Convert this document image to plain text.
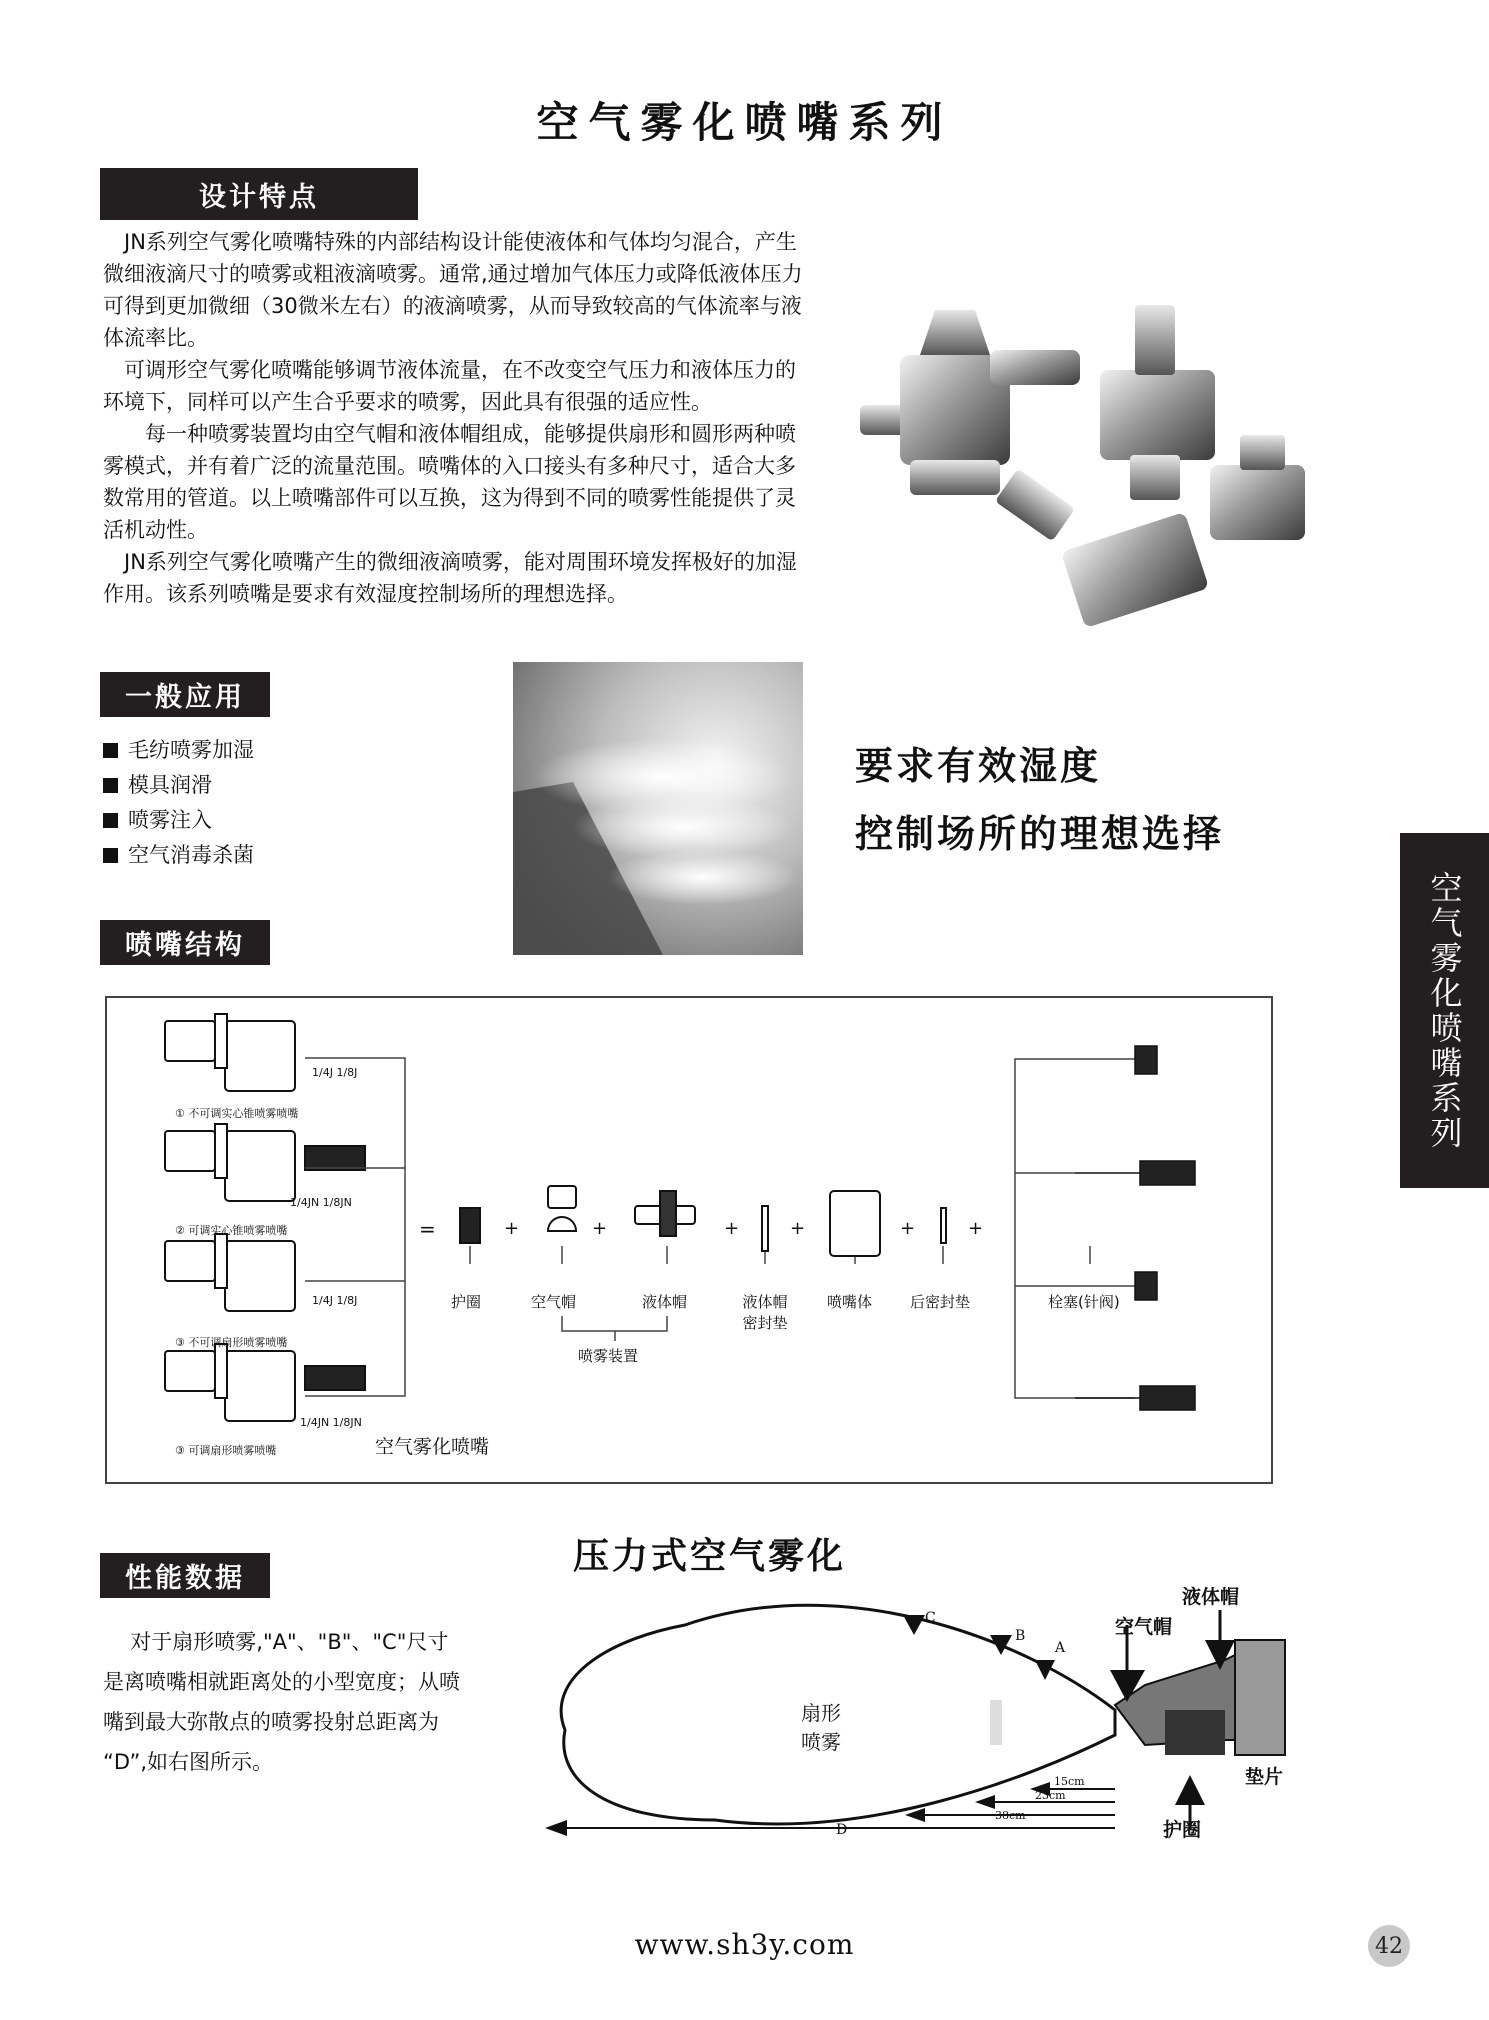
空气雾化喷嘴系列
设计特点

JN系列空气雾化喷嘴特殊的内部结构设计能使液体和气体均匀混合，产生微细液滴尺寸的喷雾或粗液滴喷雾。通常,通过增加气体压力或降低液体压力可得到更加微细（30微米左右）的液滴喷雾，从而导致较高的气体流率与液体流率比。

可调形空气雾化喷嘴能够调节液体流量，在不改变空气压力和液体压力的环境下，同样可以产生合乎要求的喷雾，因此具有很强的适应性。

每一种喷雾装置均由空气帽和液体帽组成，能够提供扇形和圆形两种喷雾模式，并有着广泛的流量范围。喷嘴体的入口接头有多种尺寸，适合大多数常用的管道。以上喷嘴部件可以互换，这为得到不同的喷雾性能提供了灵活机动性。

JN系列空气雾化喷嘴产生的微细液滴喷雾，能对周围环境发挥极好的加湿作用。该系列喷嘴是要求有效湿度控制场所的理想选择。

一般应用
毛纺喷雾加湿
模具润滑
喷雾注入
空气消毒杀菌
要求有效湿度
控制场所的理想选择
空气雾化喷嘴系列
喷嘴结构
1/4J 1/8J
① 不可调实心锥喷雾喷嘴
1/4JN 1/8JN
② 可调实心锥喷雾喷嘴
1/4J 1/8J
③ 不可调扇形喷雾喷嘴
1/4JN 1/8JN
③ 可调扇形喷雾喷嘴	空气雾化喷嘴
=	+	+	+	+	+	+
护圈	空气帽	液体帽	液体帽
密封垫
喷嘴体	后密封垫	栓塞(针阀)
喷雾装置
性能数据
对于扇形喷雾,"A"、"B"、"C"尺寸是离喷嘴相就距离处的小型宽度；从喷嘴到最大弥散点的喷雾投射总距离为 “D”,如右图所示。
压力式空气雾化
扇形
喷雾
液体帽
空气帽
垫片
护圈
A
B
C
D
15cm
23cm
38cm
www.sh3y.com	42
